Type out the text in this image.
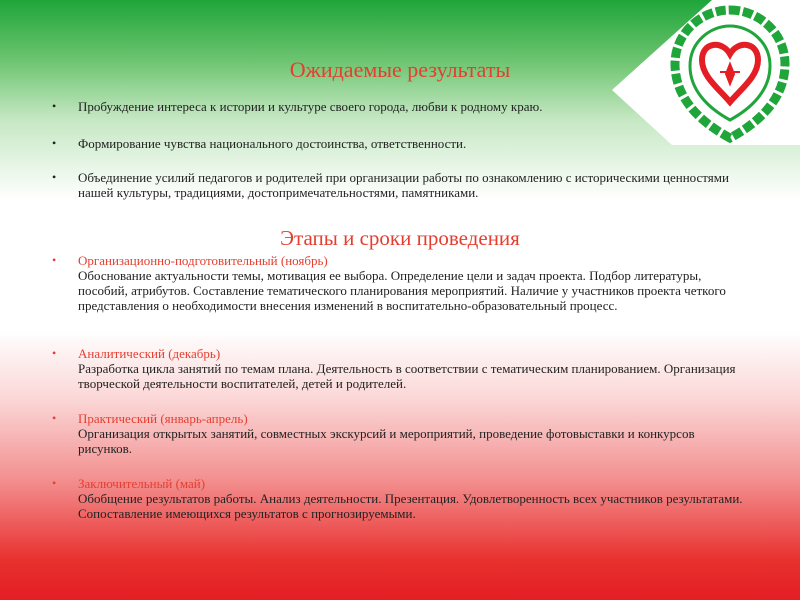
Ожидаемые результаты
• Пробуждение интереса к истории и культуре своего города, любви к родному краю.
• Формирование чувства национального достоинства, ответственности.
• Объединение усилий педагогов и родителей при организации работы по ознакомлению с историческими ценностями нашей культуры, традициями, достопримечательностями, памятниками.
Этапы и сроки проведения
• Организационно-подготовительный (ноябрь)
Обоснование актуальности темы, мотивация ее выбора. Определение цели и задач проекта. Подбор литературы, пособий, атрибутов. Составление тематического планирования мероприятий. Наличие у участников проекта четкого представления о необходимости внесения изменений в воспитательно-образовательный процесс.
• Аналитический (декабрь)
Разработка цикла занятий по темам плана. Деятельность в соответствии с тематическим планированием. Организация творческой деятельности воспитателей, детей и родителей.
• Практический (январь-апрель)
Организация открытых занятий, совместных экскурсий и мероприятий, проведение фотовыставки и конкурсов рисунков.
• Заключительный (май)
Обобщение результатов работы. Анализ деятельности. Презентация. Удовлетворенность всех участников результатами. Сопоставление имеющихся результатов с прогнозируемыми.
